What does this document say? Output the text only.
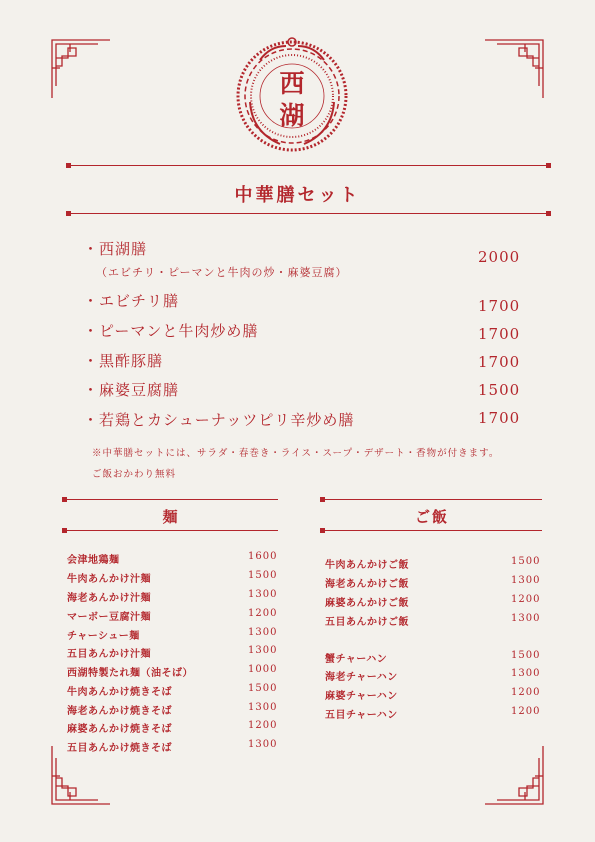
西
湖
中華膳セット
・西湖膳	2000
（エビチリ・ピーマンと牛肉の炒・麻婆豆腐）
・エビチリ膳	1700
・ピーマンと牛肉炒め膳	1700
・黒酢豚膳	1700
・麻婆豆腐膳	1500
・若鶏とカシューナッツピリ辛炒め膳	1700
※中華膳セットには、サラダ・春巻き・ライス・スープ・デザート・香物が付きます。
ご飯おかわり無料
麺
会津地鶏麺	1600
牛肉あんかけ汁麺	1500
海老あんかけ汁麺	1300
マーボー豆腐汁麺	1200
チャーシュー麺	1300
五目あんかけ汁麺	1300
西湖特製たれ麺（油そば）	1000
牛肉あんかけ焼きそば	1500
海老あんかけ焼きそば	1300
麻婆あんかけ焼きそば	1200
五目あんかけ焼きそば	1300
ご飯
牛肉あんかけご飯	1500
海老あんかけご飯	1300
麻婆あんかけご飯	1200
五目あんかけご飯	1300
蟹チャーハン	1500
海老チャーハン	1300
麻婆チャーハン	1200
五目チャーハン	1200
